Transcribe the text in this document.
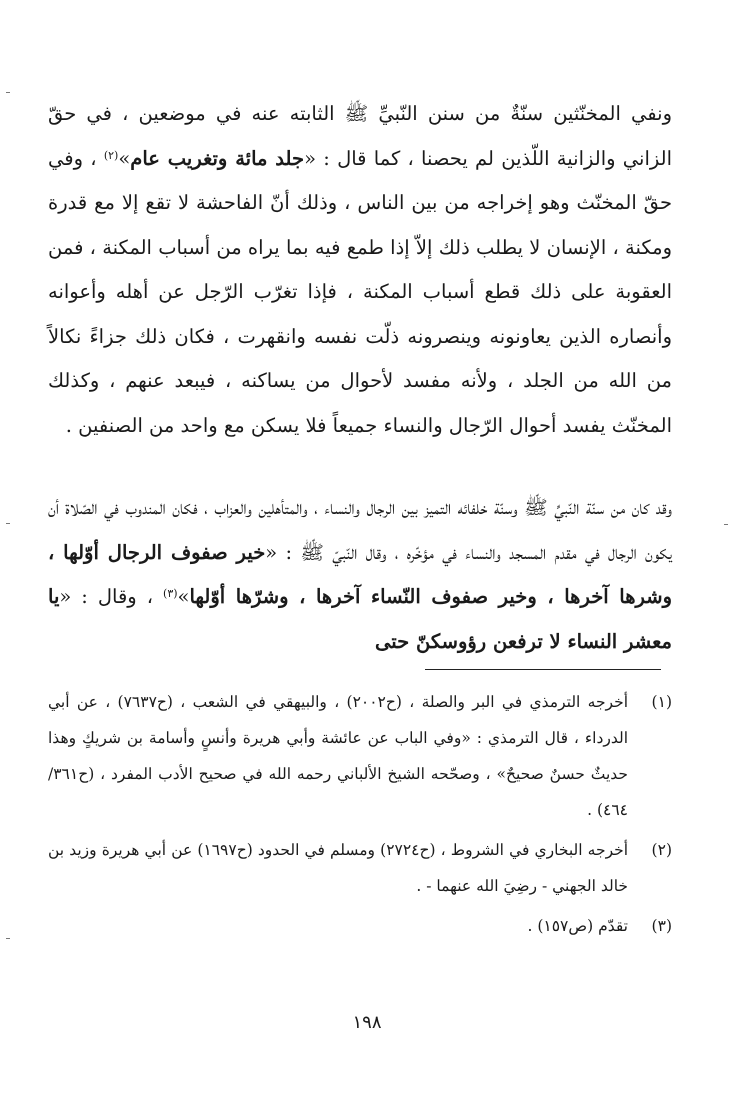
ونفي المخنّثين سنّةٌ من سنن النّبيِّ ﷺ الثابته عنه في موضعين ، في حقّ الزاني والزانية اللّذين لم يحصنا ، كما قال : «جلد مائة وتغريب عام»$^{(٢)}$ ، وفي حقّ المخنّث وهو إخراجه من بين الناس ، وذلك أنّ الفاحشة لا تقع إلا مع قدرة ومكنة ، الإنسان لا يطلب ذلك إلاّ إذا طمع فيه بما يراه من أسباب المكنة ، فمن العقوبة على ذلك قطع أسباب المكنة ، فإذا تغرّب الرّجل عن أهله وأعوانه وأنصاره الذين يعاونونه وينصرونه ذلّت نفسه وانقهرت ، فكان ذلك جزاءً نكالاً من الله من الجلد ، ولأنه مفسد لأحوال من يساكنه ، فيبعد عنهم ، وكذلك المخنّث يفسد أحوال الرّجال والنساء جميعاً فلا يسكن مع واحد من الصنفين .

وقد كان من سنّة النّبيِّ ﷺ وسنّة خلفائه التميز بين الرجال والنساء ، والمتأهلين والعزاب ، فكان المندوب في الصّلاة أن يكون الرجال في مقدم المسجد والنساء في مؤخّره ، وقال النّبيّ ﷺ : «خير صفوف الرجال أوّلها ، وشرها آخرها ، وخير صفوف النّساء آخرها ، وشرّها أوّلها»$^{(٣)}$ ، وقال : «يا معشر النساء لا ترفعن رؤوسكنّ حتى

(١)
أخرجه الترمذي في البر والصلة ، (ح٢٠٠٢) ، والبيهقي في الشعب ، (ح٧٦٣٧) ، عن أبي الدرداء ، قال الترمذي : «وفي الباب عن عائشة وأبي هريرة وأنسٍ وأسامة بن شريكٍ وهذا حديثٌ حسنٌ صحيحٌ» ، وصحّحه الشيخ الألباني رحمه الله في صحيح الأدب المفرد ، (ح٣٦١/ ٤٦٤) .
(٢)
أخرجه البخاري في الشروط ، (ح٢٧٢٤) ومسلم في الحدود (ح١٦٩٧) عن أبي هريرة وزيد بن خالد الجهني - رضِيَ الله عنهما - .
(٣)
تقدّم (ص١٥٧) .
١٩٨
